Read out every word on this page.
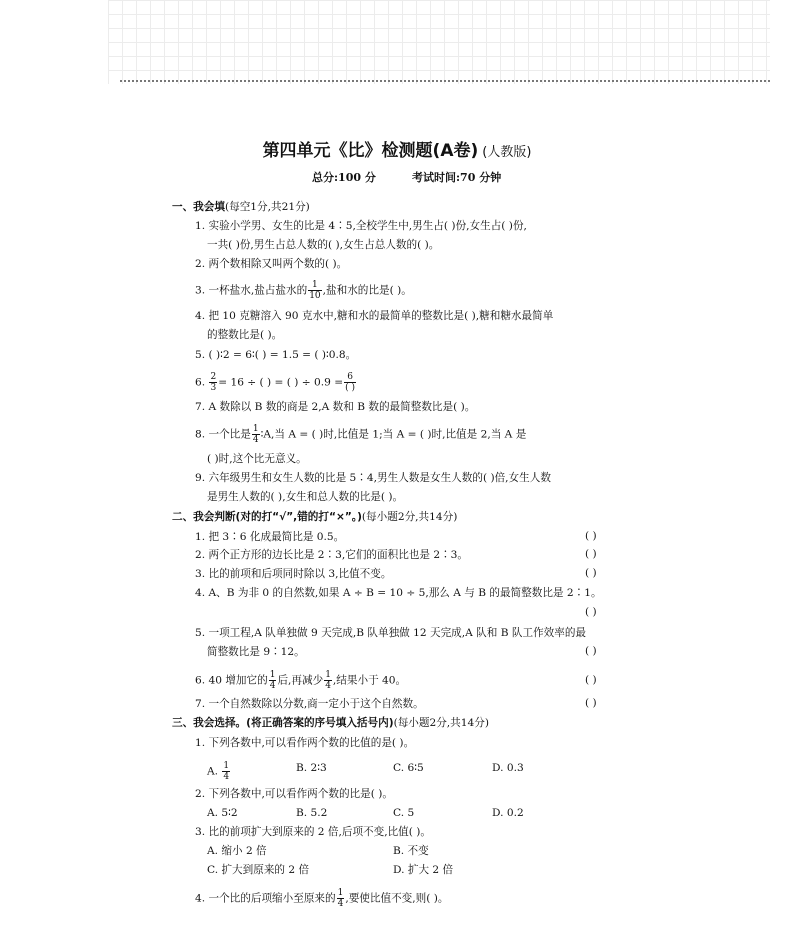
第四单元《比》检测题(A卷) (人教版)
总分:100 分	考试时间:70 分钟
一、我会填(每空1分,共21分)
1. 实验小学男、女生的比是 4∶5,全校学生中,男生占( )份,女生占( )份,
一共( )份,男生占总人数的( ),女生占总人数的( )。
2. 两个数相除又叫两个数的( )。
3. 一杯盐水,盐占盐水的 $\frac{1}{10}$ ,盐和水的比是( )。
4. 把 10 克糖溶入 90 克水中,糖和水的最简单的整数比是( ),糖和糖水最简单
的整数比是( )。
5. ( )∶2 = 6∶( ) = 1.5 = ( )∶0.8。
6. $\frac{2}{3} = 16$ ÷ ( ) = ( ) ÷ $0.9 = \frac{6}{( )}$
7. A 数除以 B 数的商是 2,A 数和 B 数的最简整数比是( )。
8. 一个比是 $\frac{1}{4}$ ∶A,当 A = ( )时,比值是 1;当 A = ( )时,比值是 2,当 A 是
( )时,这个比无意义。
9. 六年级男生和女生人数的比是 5∶4,男生人数是女生人数的( )倍,女生人数
是男生人数的( ),女生和总人数的比是( )。
二、我会判断(对的打“√”,错的打“×”。)(每小题2分,共14分)
1. 把 3∶6 化成最简比是 0.5。	( )
2. 两个正方形的边长比是 2∶3,它们的面积比也是 2∶3。	( )
3. 比的前项和后项同时除以 3,比值不变。	( )
4. A、B 为非 0 的自然数,如果 A ÷ B = 10 ÷ 5,那么 A 与 B 的最简整数比是 2∶1。
( )
5. 一项工程,A 队单独做 9 天完成,B 队单独做 12 天完成,A 队和 B 队工作效率的最
简整数比是 9∶12。	( )
6. 40 增加它的 $\frac{1}{4}$ 后,再减少 $\frac{1}{4}$ ,结果小于 40。	( )
7. 一个自然数除以分数,商一定小于这个自然数。	( )
三、我会选择。(将正确答案的序号填入括号内)(每小题2分,共14分)
1. 下列各数中,可以看作两个数的比值的是( )。
A. $\frac{1}{4}$	B. 2∶3	C. 6∶5	D. 0.3
2. 下列各数中,可以看作两个数的比是( )。
A. 5∶2	B. 5.2	C. 5	D. 0.2
3. 比的前项扩大到原来的 2 倍,后项不变,比值( )。
A. 缩小 2 倍	B. 不变
C. 扩大到原来的 2 倍	D. 扩大 2 倍
4. 一个比的后项缩小至原来的 $\frac{1}{4}$ ,要使比值不变,则( )。
